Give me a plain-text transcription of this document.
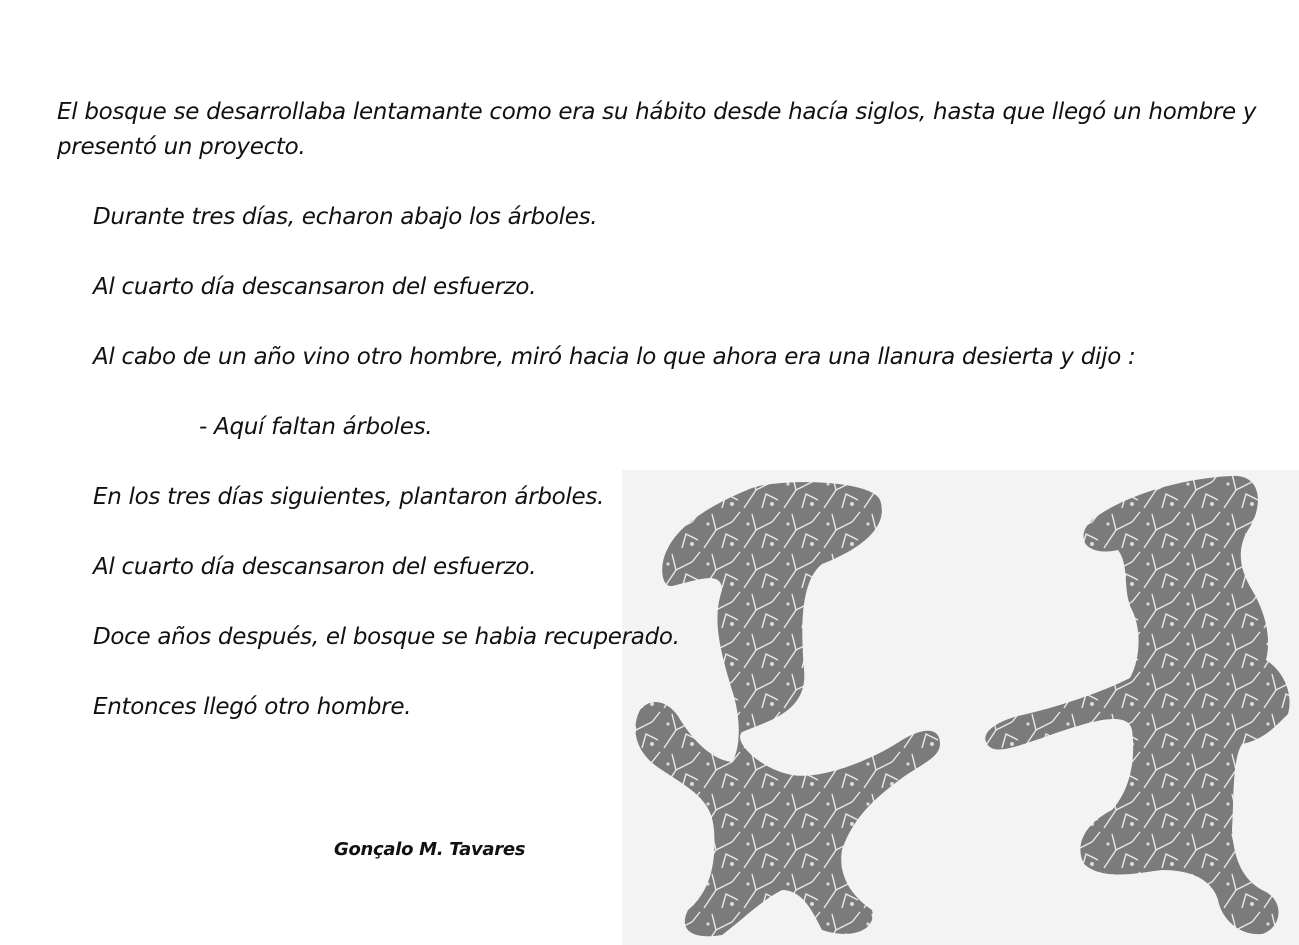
El bosque se desarrollaba lentamante como era su hábito desde hacía siglos, hasta que llegó un hombre y presentó un proyecto.
Durante tres días, echaron abajo los árboles.
Al cuarto día descansaron del esfuerzo.
Al cabo de un año vino otro hombre, miró hacia lo que ahora era una llanura desierta y dijo :
- Aquí faltan árboles.
En los tres días siguientes, plantaron árboles.
Al cuarto día descansaron del esfuerzo.
Doce años después, el bosque se habia recuperado.
Entonces llegó otro hombre.
Gonçalo M. Tavares
